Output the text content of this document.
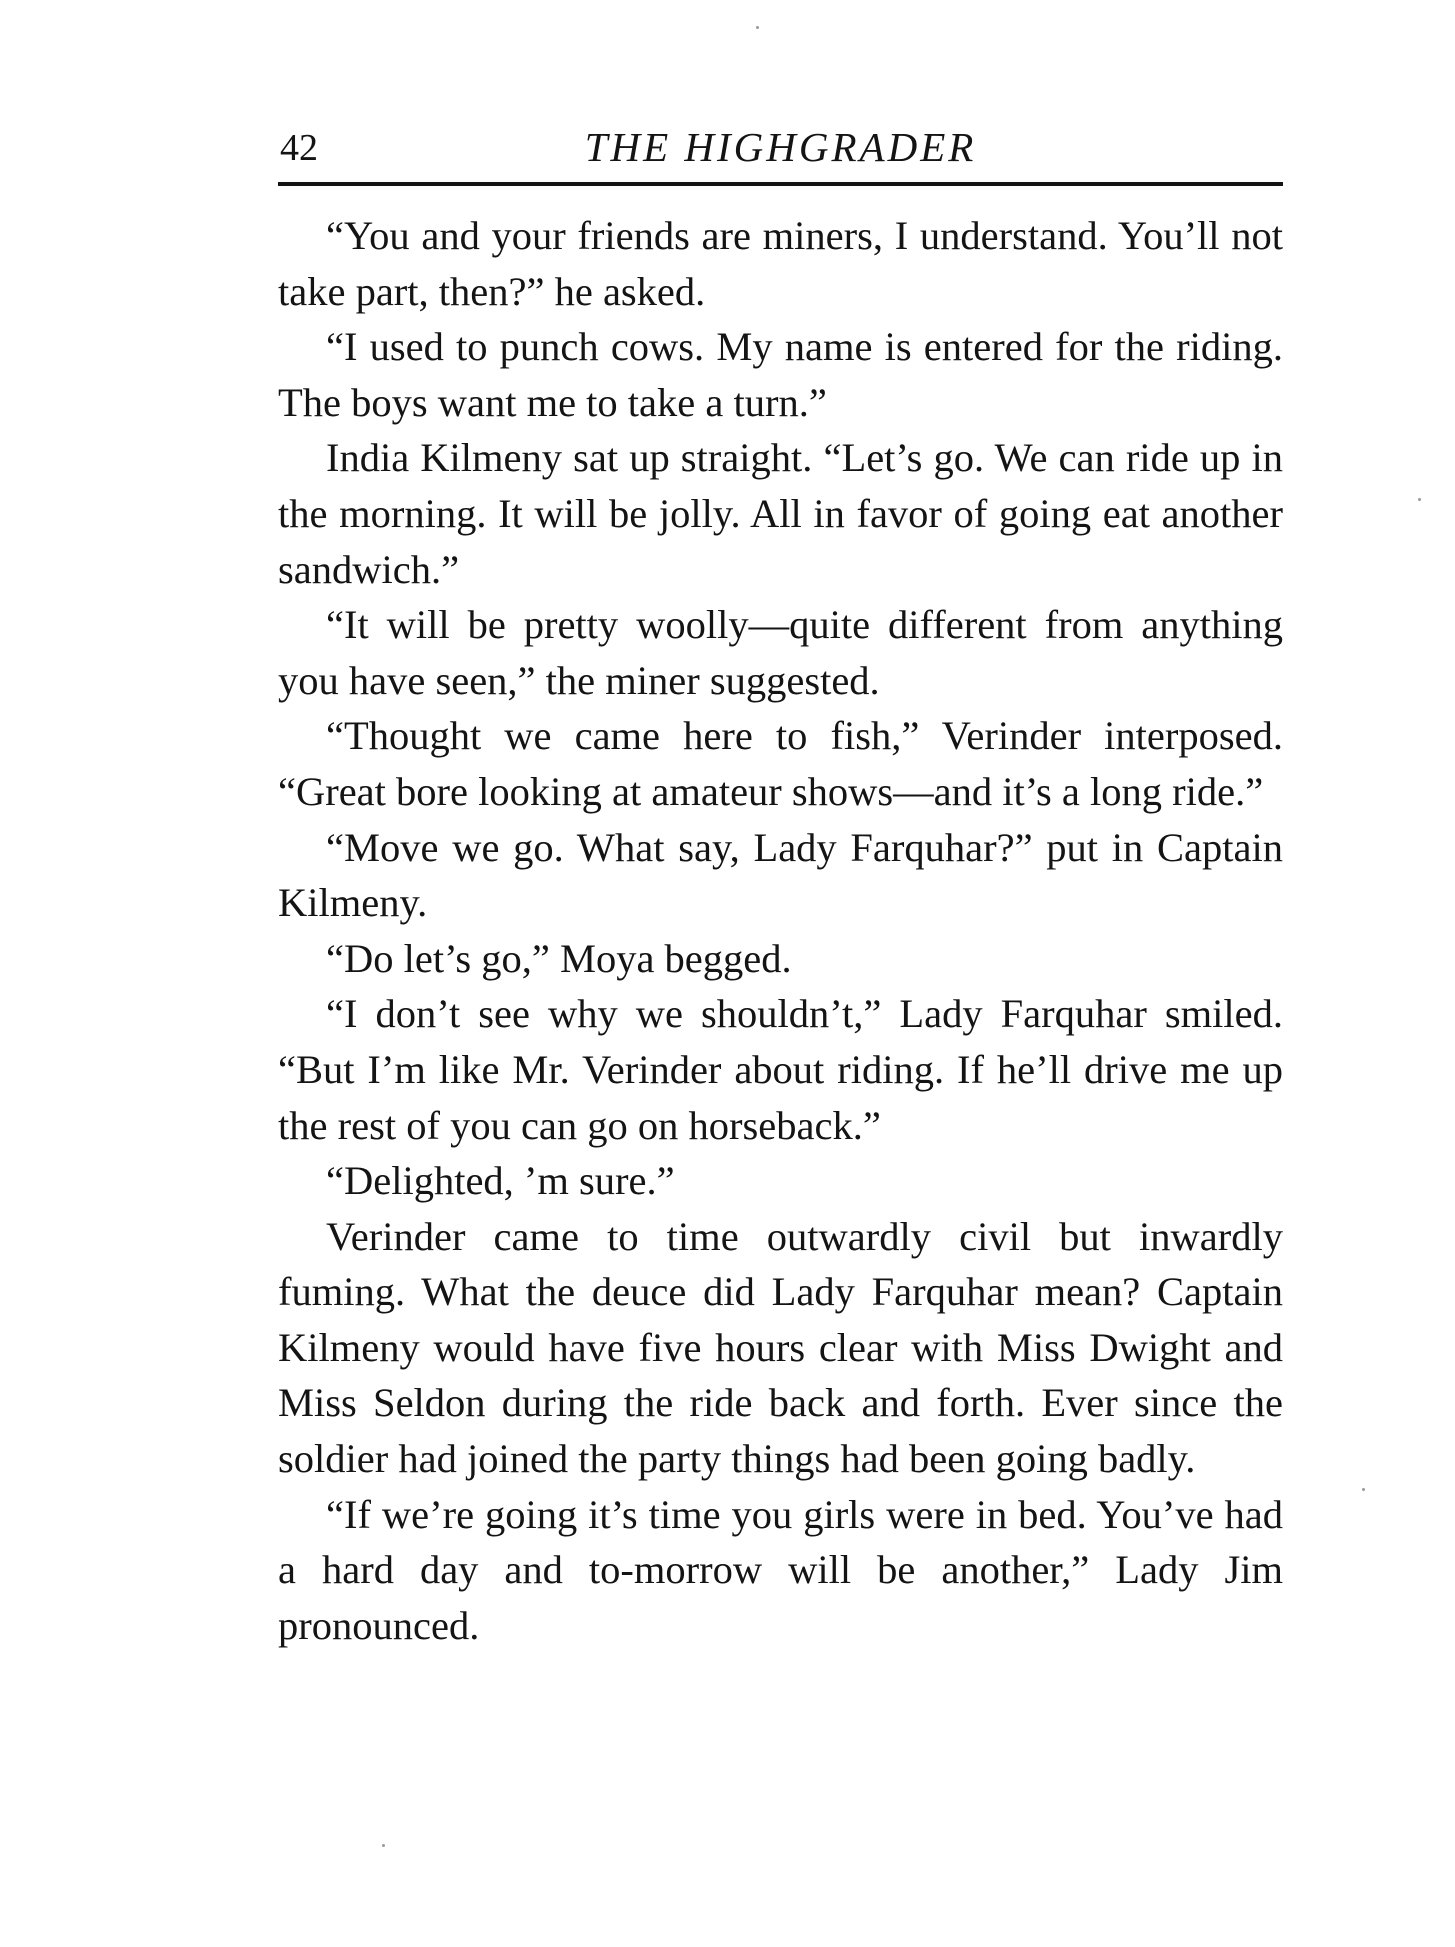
42	THE HIGHGRADER

“You and your friends are miners, I understand. You’ll not take part, then?” he asked.

“I used to punch cows. My name is entered for the riding. The boys want me to take a turn.”

India Kilmeny sat up straight. “Let’s go. We can ride up in the morning. It will be jolly. All in favor of going eat another sandwich.”

“It will be pretty woolly—quite different from anything you have seen,” the miner suggested.

“Thought we came here to fish,” Verinder interposed. “Great bore looking at amateur shows—and it’s a long ride.”

“Move we go. What say, Lady Farquhar?” put in Captain Kilmeny.

“Do let’s go,” Moya begged.

“I don’t see why we shouldn’t,” Lady Farquhar smiled. “But I’m like Mr. Verinder about riding. If he’ll drive me up the rest of you can go on horseback.”

“Delighted, ’m sure.”

Verinder came to time outwardly civil but inwardly fuming. What the deuce did Lady Farquhar mean? Captain Kilmeny would have five hours clear with Miss Dwight and Miss Seldon during the ride back and forth. Ever since the soldier had joined the party things had been going badly.

“If we’re going it’s time you girls were in bed. You’ve had a hard day and to-morrow will be another,” Lady Jim pronounced.
